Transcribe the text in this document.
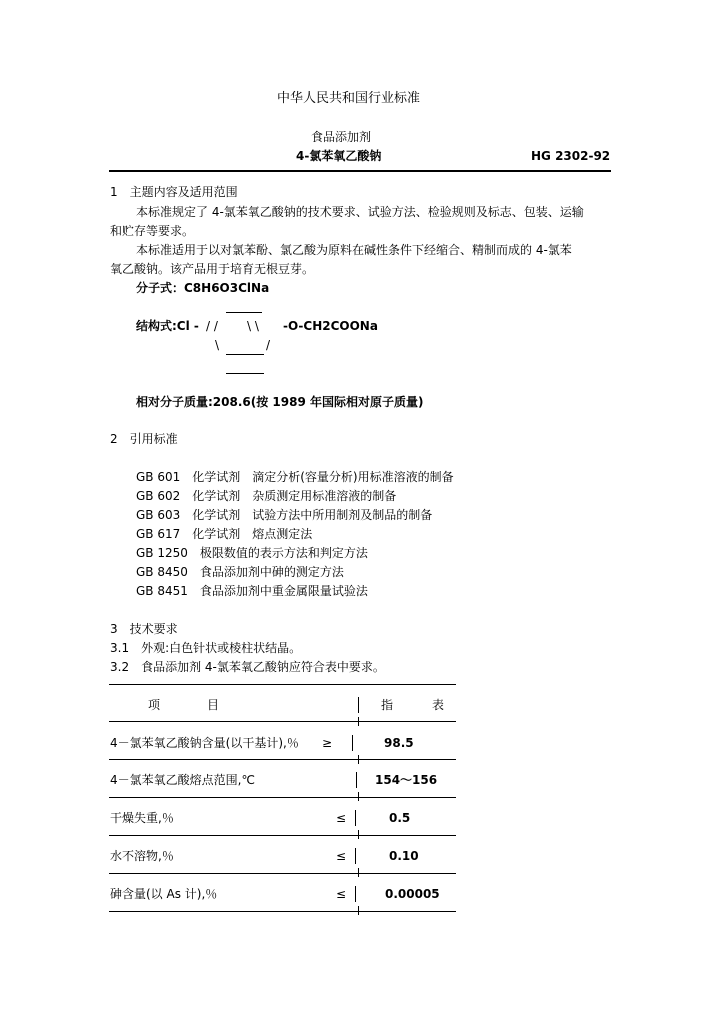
中华人民共和国行业标准
食品添加剂
4-氯苯氧乙酸钠	HG 2302-92
1　主题内容及适用范围
本标准规定了 4-氯苯氧乙酸钠的技术要求、试验方法、检验规则及标志、包装、运输
和贮存等要求。
本标准适用于以对氯苯酚、氯乙酸为原料在碱性条件下经缩合、精制而成的 4-氯苯
氧乙酸钠。该产品用于培育无根豆芽。
分子式：C8H6O3ClNa
结构式:Cl - / / \ \ -O-CH2COONa
\	/
相对分子质量:208.6(按 1989 年国际相对原子质量)
2　引用标准
GB 601　化学试剂　滴定分析(容量分析)用标准溶液的制备
GB 602　化学试剂　杂质测定用标准溶液的制备
GB 603　化学试剂　试验方法中所用制剂及制品的制备
GB 617　化学试剂　熔点测定法
GB 1250　极限数值的表示方法和判定方法
GB 8450　食品添加剂中砷的测定方法
GB 8451　食品添加剂中重金属限量试验法
3　技术要求
3.1　外观:白色针状或棱柱状结晶。
3.2　食品添加剂 4-氯苯氧乙酸钠应符合表中要求。
项	目	指	表
4－氯苯氧乙酸钠含量(以干基计),％ ≥	98.5
4－氯苯氧乙酸熔点范围,℃	154～156
干燥失重,％	≤	0.5
水不溶物,％	≤	0.10
砷含量(以 As 计),％	≤	0.00005
